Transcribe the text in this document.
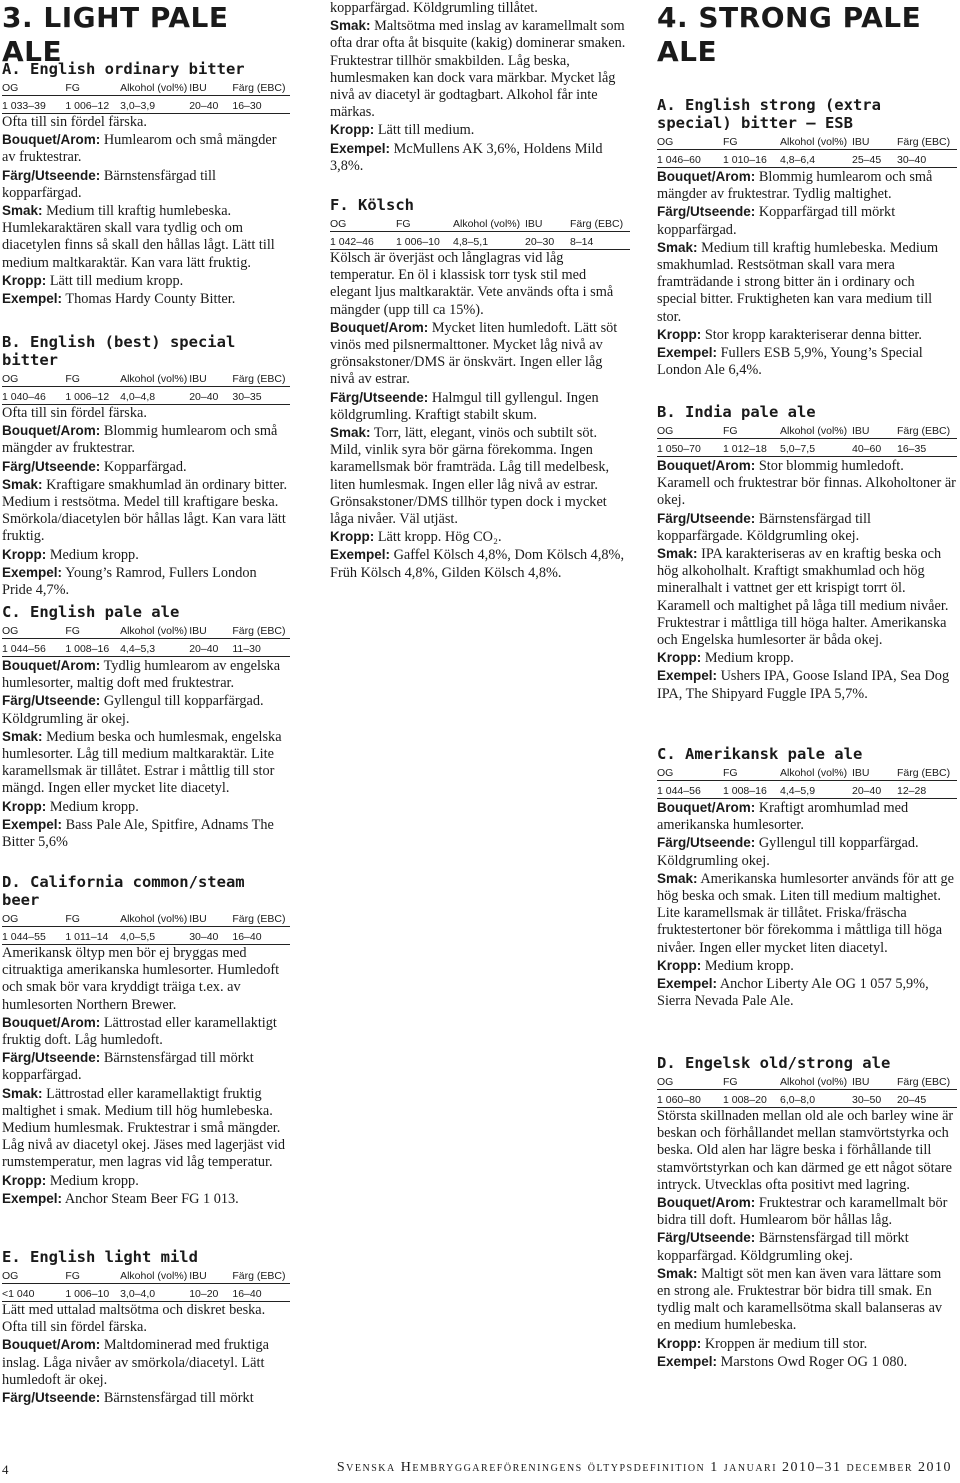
3. LIGHT PALE ALE
A. English ordinary bitter
OG	FG	Alkohol (vol%) IBU	Färg (EBC)
1 033–39	1 006–12	3,0–3,9	20–40	16–30

Ofta till sin fördel färska.

Bouquet/Arom: Humlearom och små mängder av fruktestrar.

Färg/Utseende: Bärnstensfärgad till kopparfärgad.

Smak: Medium till kraftig humlebeska. Humlekaraktären skall vara tydlig och om diacetylen finns så skall den hållas lågt. Lätt till medium maltkaraktär. Kan vara lätt fruktig.

Kropp: Lätt till medium kropp.

Exempel: Thomas Hardy County Bitter.

B. English (best) special bitter
OG	FG	Alkohol (vol%) IBU	Färg (EBC)
1 040–46	1 006–12	4,0–4,8	20–40	30–35

Ofta till sin fördel färska.

Bouquet/Arom: Blommig humlearom och små mängder av fruktestrar.

Färg/Utseende: Kopparfärgad.

Smak: Kraftigare smakhumlad än ordinary bitter. Medium i restsötma. Medel till kraftigare beska. Smörkola/diacetylen bör hållas lågt. Kan vara lätt fruktig.

Kropp: Medium kropp.

Exempel: Young’s Ramrod, Fullers London Pride 4,7%.

C. English pale ale
OG	FG	Alkohol (vol%) IBU	Färg (EBC)
1 044–56	1 008–16	4,4–5,3	20–40	11–30

Bouquet/Arom: Tydlig humlearom av engelska humlesorter, maltig doft med fruktestrar.

Färg/Utseende: Gyllengul till kopparfärgad. Köldgrumling är okej.

Smak: Medium beska och humlesmak, engelska humlesorter. Låg till medium maltkaraktär. Lite karamellsmak är tillåtet. Estrar i måttlig till stor mängd. Ingen eller mycket lite diacetyl.

Kropp: Medium kropp.

Exempel: Bass Pale Ale, Spitfire, Adnams The Bitter 5,6%

D. California common/steam beer
OG	FG	Alkohol (vol%) IBU	Färg (EBC)
1 044–55	1 011–14	4,0–5,5	30–40	16–40

Amerikansk öltyp men bör ej bryggas med citruaktiga amerikanska humlesorter. Humledoft och smak bör vara kryddigt träiga t.ex. av humlesorten Northern Brewer.

Bouquet/Arom: Lättrostad eller karamellaktigt fruktig doft. Låg humledoft.

Färg/Utseende: Bärnstensfärgad till mörkt kopparfärgad.

Smak: Lättrostad eller karamellaktigt fruktig maltighet i smak. Medium till hög humlebeska. Medium humlesmak. Fruktestrar i små mängder. Låg nivå av diacetyl okej. Jäses med lagerjäst vid rumstemperatur, men lagras vid låg temperatur.

Kropp: Medium kropp.

Exempel: Anchor Steam Beer FG 1 013.

E. English light mild
OG	FG	Alkohol (vol%) IBU	Färg (EBC)
<1 040	1 006–10	3,0–4,0	10–20	16–40

Lätt med uttalad maltsötma och diskret beska. Ofta till sin fördel färska.

Bouquet/Arom: Maltdominerad med fruktiga inslag. Låga nivåer av smörkola/diacetyl. Lätt humledoft är okej.

Färg/Utseende: Bärnstensfärgad till mörkt

kopparfärgad. Köldgrumling tillåtet.

Smak: Maltsötma med inslag av karamellmalt som ofta drar ofta åt bisquite (kakig) dominerar smaken. Fruktestrar tillhör smakbilden. Låg beska, humlesmaken kan dock vara märkbar. Mycket låg nivå av diacetyl är godtagbart. Alkohol får inte märkas.

Kropp: Lätt till medium.

Exempel: McMullens AK 3,6%, Holdens Mild 3,8%.

F. Kölsch
OG	FG	Alkohol (vol%) IBU	Färg (EBC)
1 042–46	1 006–10	4,8–5,1	20–30	8–14

Kölsch är överjäst och långlagras vid låg temperatur. En öl i klassisk torr tysk stil med elegant ljus maltkaraktär. Vete används ofta i små mängder (upp till ca 15%).

Bouquet/Arom: Mycket liten humledoft. Lätt söt vinös med pilsnermalttoner. Mycket låg nivå av grönsakstoner/DMS är önskvärt. Ingen eller låg nivå av estrar.

Färg/Utseende: Halmgul till gyllengul. Ingen köldgrumling. Kraftigt stabilt skum.

Smak: Torr, lätt, elegant, vinös och subtilt söt. Mild, vinlik syra bör gärna förekomma. Ingen karamellsmak bör framträda. Låg till medelbesk, liten humlesmak. Ingen eller låg nivå av estrar. Grönsakstoner/DMS tillhör typen dock i mycket låga nivåer. Väl utjäst.

Kropp: Lätt kropp. Hög CO₂.

Exempel: Gaffel Kölsch 4,8%, Dom Kölsch 4,8%, Früh Kölsch 4,8%, Gilden Kölsch 4,8%.

4. STRONG PALE ALE
A. English strong (extra special) bitter – ESB
OG	FG	Alkohol (vol%) IBU	Färg (EBC)
1 046–60	1 010–16	4,8–6,4	25–45	30–40

Bouquet/Arom: Blommig humlearom och små mängder av fruktestrar. Tydlig maltighet.

Färg/Utseende: Kopparfärgad till mörkt kopparfärgad.

Smak: Medium till kraftig humlebeska. Medium smakhumlad. Restsötman skall vara mera framträdande i strong bitter än i ordinary och special bitter. Fruktigheten kan vara medium till stor.

Kropp: Stor kropp karakteriserar denna bitter.

Exempel: Fullers ESB 5,9%, Young’s Special London Ale 6,4%.

B. India pale ale
OG	FG	Alkohol (vol%) IBU	Färg (EBC)
1 050–70	1 012–18	5,0–7,5	40–60	16–35

Bouquet/Arom: Stor blommig humledoft. Karamell och fruktestrar bör finnas. Alkoholtoner är okej.

Färg/Utseende: Bärnstensfärgad till kopparfärgade. Köldgrumling okej.

Smak: IPA karakteriseras av en kraftig beska och hög alkoholhalt. Kraftigt smakhumlad och hög mineralhalt i vattnet ger ett krispigt torrt öl. Karamell och maltighet på låga till medium nivåer. Fruktestrar i måttliga till höga halter. Amerikanska och Engelska humlesorter är båda okej.

Kropp: Medium kropp.

Exempel: Ushers IPA, Goose Island IPA, Sea Dog IPA, The Shipyard Fuggle IPA 5,7%.

C. Amerikansk pale ale
OG	FG	Alkohol (vol%) IBU	Färg (EBC)
1 044–56	1 008–16	4,4–5,9	20–40	12–28

Bouquet/Arom: Kraftigt aromhumlad med amerikanska humlesorter.

Färg/Utseende: Gyllengul till kopparfärgad. Köldgrumling okej.

Smak: Amerikanska humlesorter används för att ge hög beska och smak. Liten till medium maltighet. Lite karamellsmak är tillåtet. Friska/fräscha fruktestertoner bör förekomma i måttliga till höga nivåer. Ingen eller mycket liten diacetyl.

Kropp: Medium kropp.

Exempel: Anchor Liberty Ale OG 1 057 5,9%, Sierra Nevada Pale Ale.

D. Engelsk old/strong ale
OG	FG	Alkohol (vol%) IBU	Färg (EBC)
1 060–80	1 008–20	6,0–8,0	30–50	20–45

Största skillnaden mellan old ale och barley wine är beskan och förhållandet mellan stamvörtstyrka och beska. Old alen har lägre beska i förhållande till stamvörtstyrkan och kan därmed ge ett något sötare intryck. Utvecklas ofta positivt med lagring.

Bouquet/Arom: Fruktestrar och karamellmalt bör bidra till doft. Humlearom bör hållas låg.

Färg/Utseende: Bärnstensfärgad till mörkt kopparfärgad. Köldgrumling okej.

Smak: Maltigt söt men kan även vara lättare som en strong ale. Fruktestrar bör bidra till smak. En tydlig malt och karamellsötma skall balanseras av en medium humlebeska.

Kropp: Kroppen är medium till stor.

Exempel: Marstons Owd Roger OG 1 080.

4	Svenska Hembryggareföreningens öltypsdefinition 1 januari 2010–31 december 2010
